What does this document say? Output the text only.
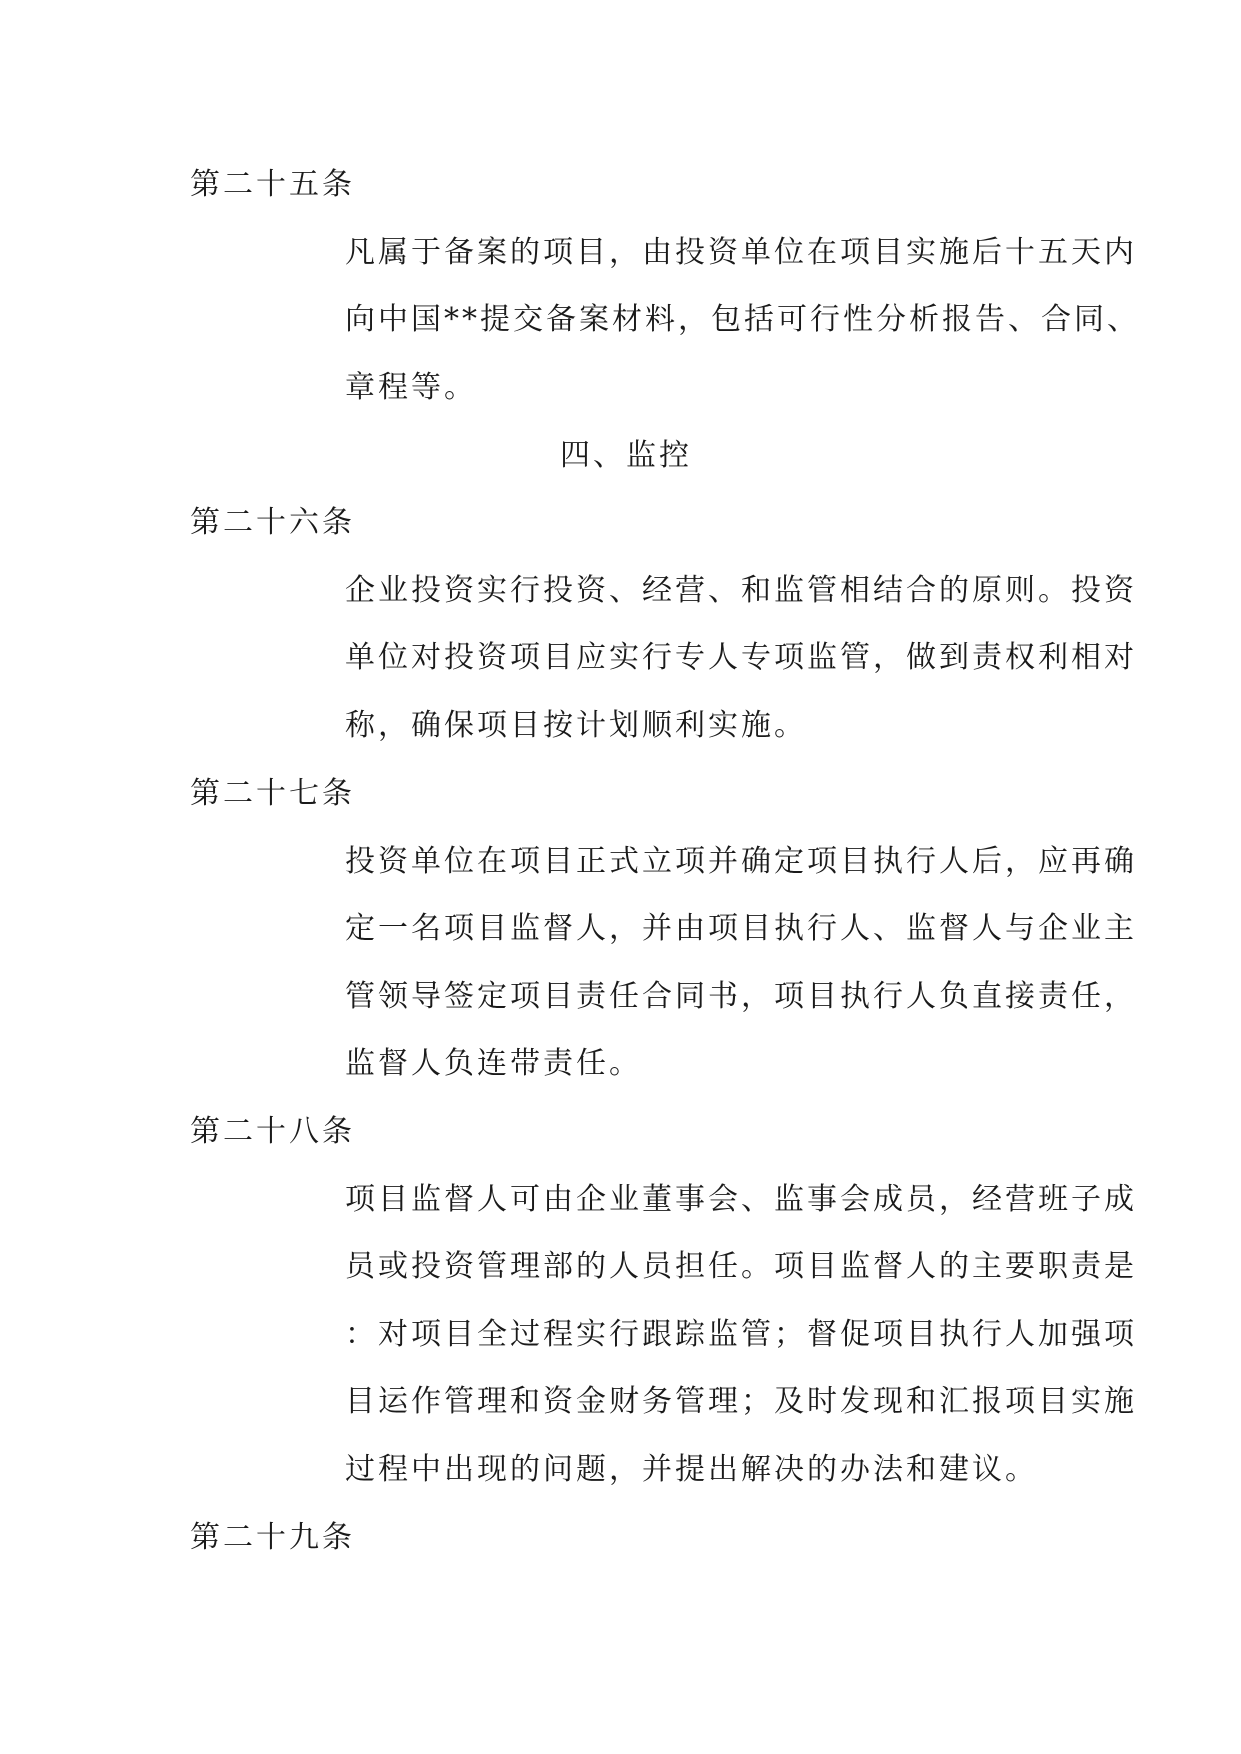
第二十五条
凡属于备案的项目，由投资单位在项目实施后十五天内
向中国**提交备案材料，包括可行性分析报告、合同、
章程等。
四、监控
第二十六条
企业投资实行投资、经营、和监管相结合的原则。投资
单位对投资项目应实行专人专项监管，做到责权利相对
称，确保项目按计划顺利实施。
第二十七条
投资单位在项目正式立项并确定项目执行人后，应再确
定一名项目监督人，并由项目执行人、监督人与企业主
管领导签定项目责任合同书，项目执行人负直接责任，
监督人负连带责任。
第二十八条
项目监督人可由企业董事会、监事会成员，经营班子成
员或投资管理部的人员担任。项目监督人的主要职责是
：对项目全过程实行跟踪监管；督促项目执行人加强项
目运作管理和资金财务管理；及时发现和汇报项目实施
过程中出现的问题，并提出解决的办法和建议。
第二十九条
